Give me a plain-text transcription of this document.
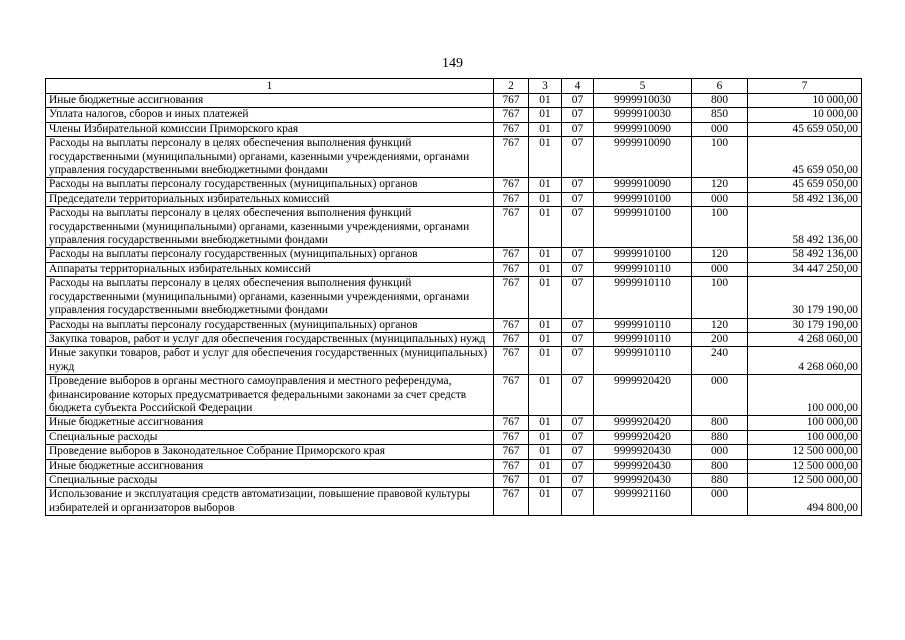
149
1	2	3	4	5	6	7
Иные бюджетные ассигнования	767	01	07	9999910030	800	10 000,00
Уплата налогов, сборов и иных платежей	767	01	07	9999910030	850	10 000,00
Члены Избирательной комиссии Приморского края	767	01	07	9999910090	000	45 659 050,00
Расходы на выплаты персоналу в целях обеспечения выполнения функций государственными (муниципальными) органами, казенными учреждениями, органами управления государственными внебюджетными фондами	767	01	07	9999910090	100	45 659 050,00
Расходы на выплаты персоналу государственных (муниципальных) органов	767	01	07	9999910090	120	45 659 050,00
Председатели территориальных избирательных комиссий	767	01	07	9999910100	000	58 492 136,00
Расходы на выплаты персоналу в целях обеспечения выполнения функций государственными (муниципальными) органами, казенными учреждениями, органами управления государственными внебюджетными фондами	767	01	07	9999910100	100	58 492 136,00
Расходы на выплаты персоналу государственных (муниципальных) органов	767	01	07	9999910100	120	58 492 136,00
Аппараты территориальных избирательных комиссий	767	01	07	9999910110	000	34 447 250,00
Расходы на выплаты персоналу в целях обеспечения выполнения функций государственными (муниципальными) органами, казенными учреждениями, органами управления государственными внебюджетными фондами	767	01	07	9999910110	100	30 179 190,00
Расходы на выплаты персоналу государственных (муниципальных) органов	767	01	07	9999910110	120	30 179 190,00
Закупка товаров, работ и услуг для обеспечения государственных (муниципальных) нужд	767	01	07	9999910110	200	4 268 060,00
Иные закупки товаров, работ и услуг для обеспечения государственных (муниципальных) нужд	767	01	07	9999910110	240	4 268 060,00
Проведение выборов в органы местного самоуправления и местного референдума, финансирование которых предусматривается федеральными законами за счет средств бюджета субъекта Российской Федерации	767	01	07	9999920420	000	100 000,00
Иные бюджетные ассигнования	767	01	07	9999920420	800	100 000,00
Специальные расходы	767	01	07	9999920420	880	100 000,00
Проведение выборов в Законодательное Собрание Приморского края	767	01	07	9999920430	000	12 500 000,00
Иные бюджетные ассигнования	767	01	07	9999920430	800	12 500 000,00
Специальные расходы	767	01	07	9999920430	880	12 500 000,00
Использование и эксплуатация средств автоматизации, повышение правовой культуры избирателей и организаторов выборов	767	01	07	9999921160	000	494 800,00
